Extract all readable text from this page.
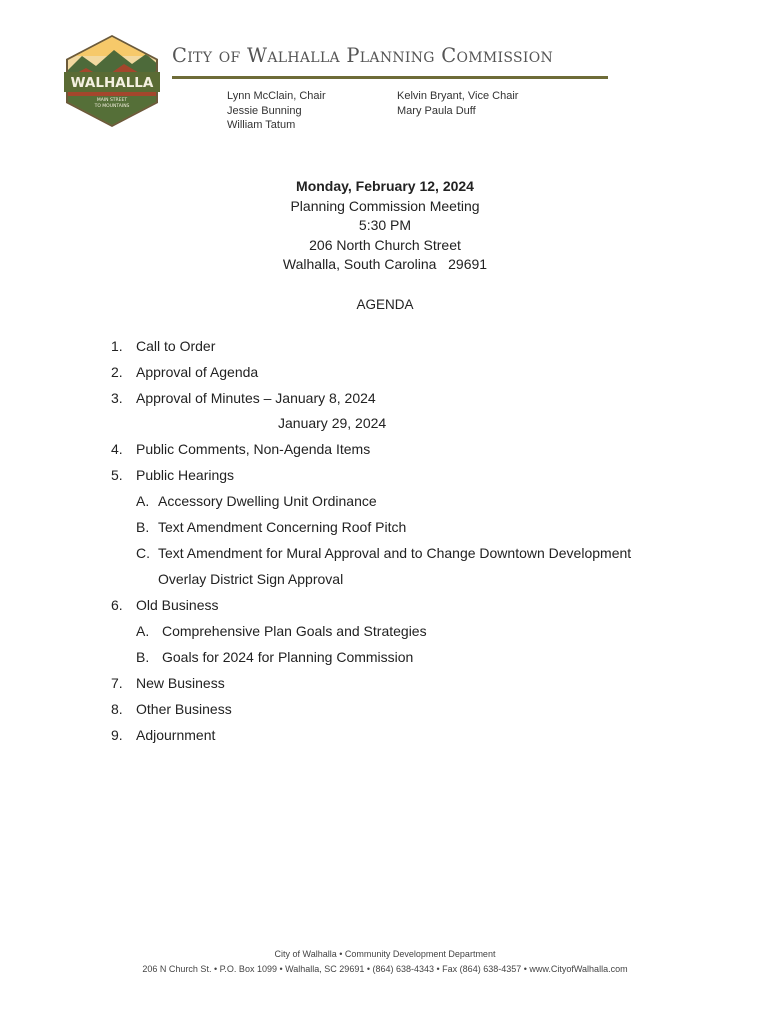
WALHALLA
MAIN STREET
TO MOUNTAINS
City of Walhalla Planning Commission
Lynn McClain, Chair
Jessie Bunning
William Tatum
Kelvin Bryant, Vice Chair
Mary Paula Duff
Monday, February 12, 2024
Planning Commission Meeting
5:30 PM
206 North Church Street
Walhalla, South Carolina   29691
AGENDA
1. Call to Order
2. Approval of Agenda
3. Approval of Minutes – January 8, 2024
January 29, 2024
4. Public Comments, Non-Agenda Items
5. Public Hearings
A. Accessory Dwelling Unit Ordinance
B. Text Amendment Concerning Roof Pitch
C. Text Amendment for Mural Approval and to Change Downtown Development
Overlay District Sign Approval
6. Old Business
A. Comprehensive Plan Goals and Strategies
B. Goals for 2024 for Planning Commission
7. New Business
8. Other Business
9. Adjournment
City of Walhalla • Community Development Department
206 N Church St. • P.O. Box 1099 • Walhalla, SC 29691 • (864) 638-4343 • Fax (864) 638-4357 • www.CityofWalhalla.com
